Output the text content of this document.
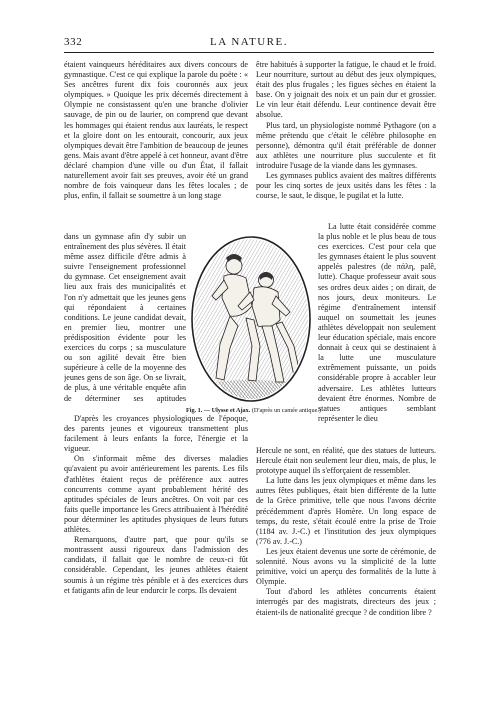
332	LA NATURE.

étaient vainqueurs héréditaires aux divers concours de gymnastique. C'est ce qui explique la parole du poëte : « Ses ancêtres furent dix fois couronnés aux jeux olympiques. » Quoique les prix décernés directement à Olympie ne consistassent qu'en une branche d'olivier sauvage, de pin ou de laurier, on comprend que devant les hommages qui étaient rendus aux lauréats, le respect et la gloire dont on les entourait, concourir, aux jeux olympiques devait être l'ambition de beaucoup de jeunes gens. Mais avant d'être appelé à cet honneur, avant d'être déclaré champion d'une ville ou d'un État, il fallait naturellement avoir fait ses preuves, avoir été un grand nombre de fois vainqueur dans les fêtes locales ; de plus, enfin, il fallait se soumettre à un long stage

dans un gymnase afin d'y subir un entraînement des plus sévères. Il était même assez difficile d'être admis à suivre l'enseignement professionnel du gymnase. Cet enseignement avait lieu aux frais des municipalités et l'on n'y admettait que les jeunes gens qui répondaient à certaines conditions. Le jeune candidat devait, en premier lieu, montrer une prédisposition évidente pour les exercices du corps ; sa musculature ou son agilité devait être bien supérieure à celle de la moyenne des jeunes gens de son âge. On se livrait, de plus, à une véritable enquête afin de déterminer ses aptitudes

D'après les croyances physiologiques de l'époque, des parents jeunes et vigoureux transmettent plus facilement à leurs enfants la force, l'énergie et la vigueur.

On s'informait même des diverses maladies qu'avaient pu avoir antérieurement les parents. Les fils d'athlètes étaient reçus de préférence aux autres concurrents comme ayant probablement hérité des aptitudes spéciales de leurs ancêtres. On voit par ces faits quelle importance les Grecs attribuaient à l'hérédité pour déterminer les aptitudes physiques de leurs futurs athlètes.

Remarquons, d'autre part, que pour qu'ils se montrassent aussi rigoureux dans l'admission des candidats, il fallait que le nombre de ceux-ci fût considérable. Cependant, les jeunes athlètes étaient soumis à un régime très pénible et à des exercices durs et fatigants afin de leur endurcir le corps. Ils devaient

être habitués à supporter la fatigue, le chaud et le froid. Leur nourriture, surtout au début des jeux olympiques, était des plus frugales ; les figues sèches en étaient la base. On y joignait des noix et un pain dur et grossier. Le vin leur était défendu. Leur continence devait être absolue.

Plus tard, un physiologiste nommé Pythagore (on a même prétendu que c'était le célèbre philosophe en personne), démontra qu'il était préférable de donner aux athlètes une nourriture plus succulente et fit introduire l'usage de la viande dans les gymnases.

Les gymnases publics avaient des maîtres différents pour les cinq sortes de jeux usités dans les fêtes : la course, le saut, le disque, le pugilat et la lutte.

La lutte était considérée comme la plus noble et le plus beau de tous ces exercices. C'est pour cela que les gymnases étaient le plus souvent appelés palestres (de πάλη, palê, lutte). Chaque professeur avait sous ses ordres deux aides ; on dirait, de nos jours, deux moniteurs. Le régime d'entraînement intensif auquel on soumettait les jeunes athlètes développait non seulement leur éducation spéciale, mais encore donnait à ceux qui se destinaient à la lutte une musculature extrêmement puissante, un poids considérable propre à accabler leur adversaire. Les athlètes lutteurs devaient être énormes. Nombre de statues antiques semblant représenter le dieu

Hercule ne sont, en réalité, que des statues de lutteurs. Hercule était non seulement leur dieu, mais, de plus, le prototype auquel ils s'efforçaient de ressembler.

La lutte dans les jeux olympiques et même dans les autres fêtes publiques, était bien différente de la lutte de la Grèce primitive, telle que nous l'avons décrite précédemment d'après Homère. Un long espace de temps, du reste, s'était écoulé entre la prise de Troie (1184 av. J.-C.) et l'institution des jeux olympiques (776 av. J.-C.)

Les jeux étaient devenus une sorte de cérémonie, de solennité. Nous avons vu la simplicité de la lutte primitive, voici un aperçu des formalités de la lutte à Olympie.

Tout d'abord les athlètes concurrents étaient interrogés par des magistrats, directeurs des jeux ; étaient-ils de nationalité grecque ? de condition libre ?

Fig. 1. — Ulysse et Ajax. (D'après un camée antique.)
